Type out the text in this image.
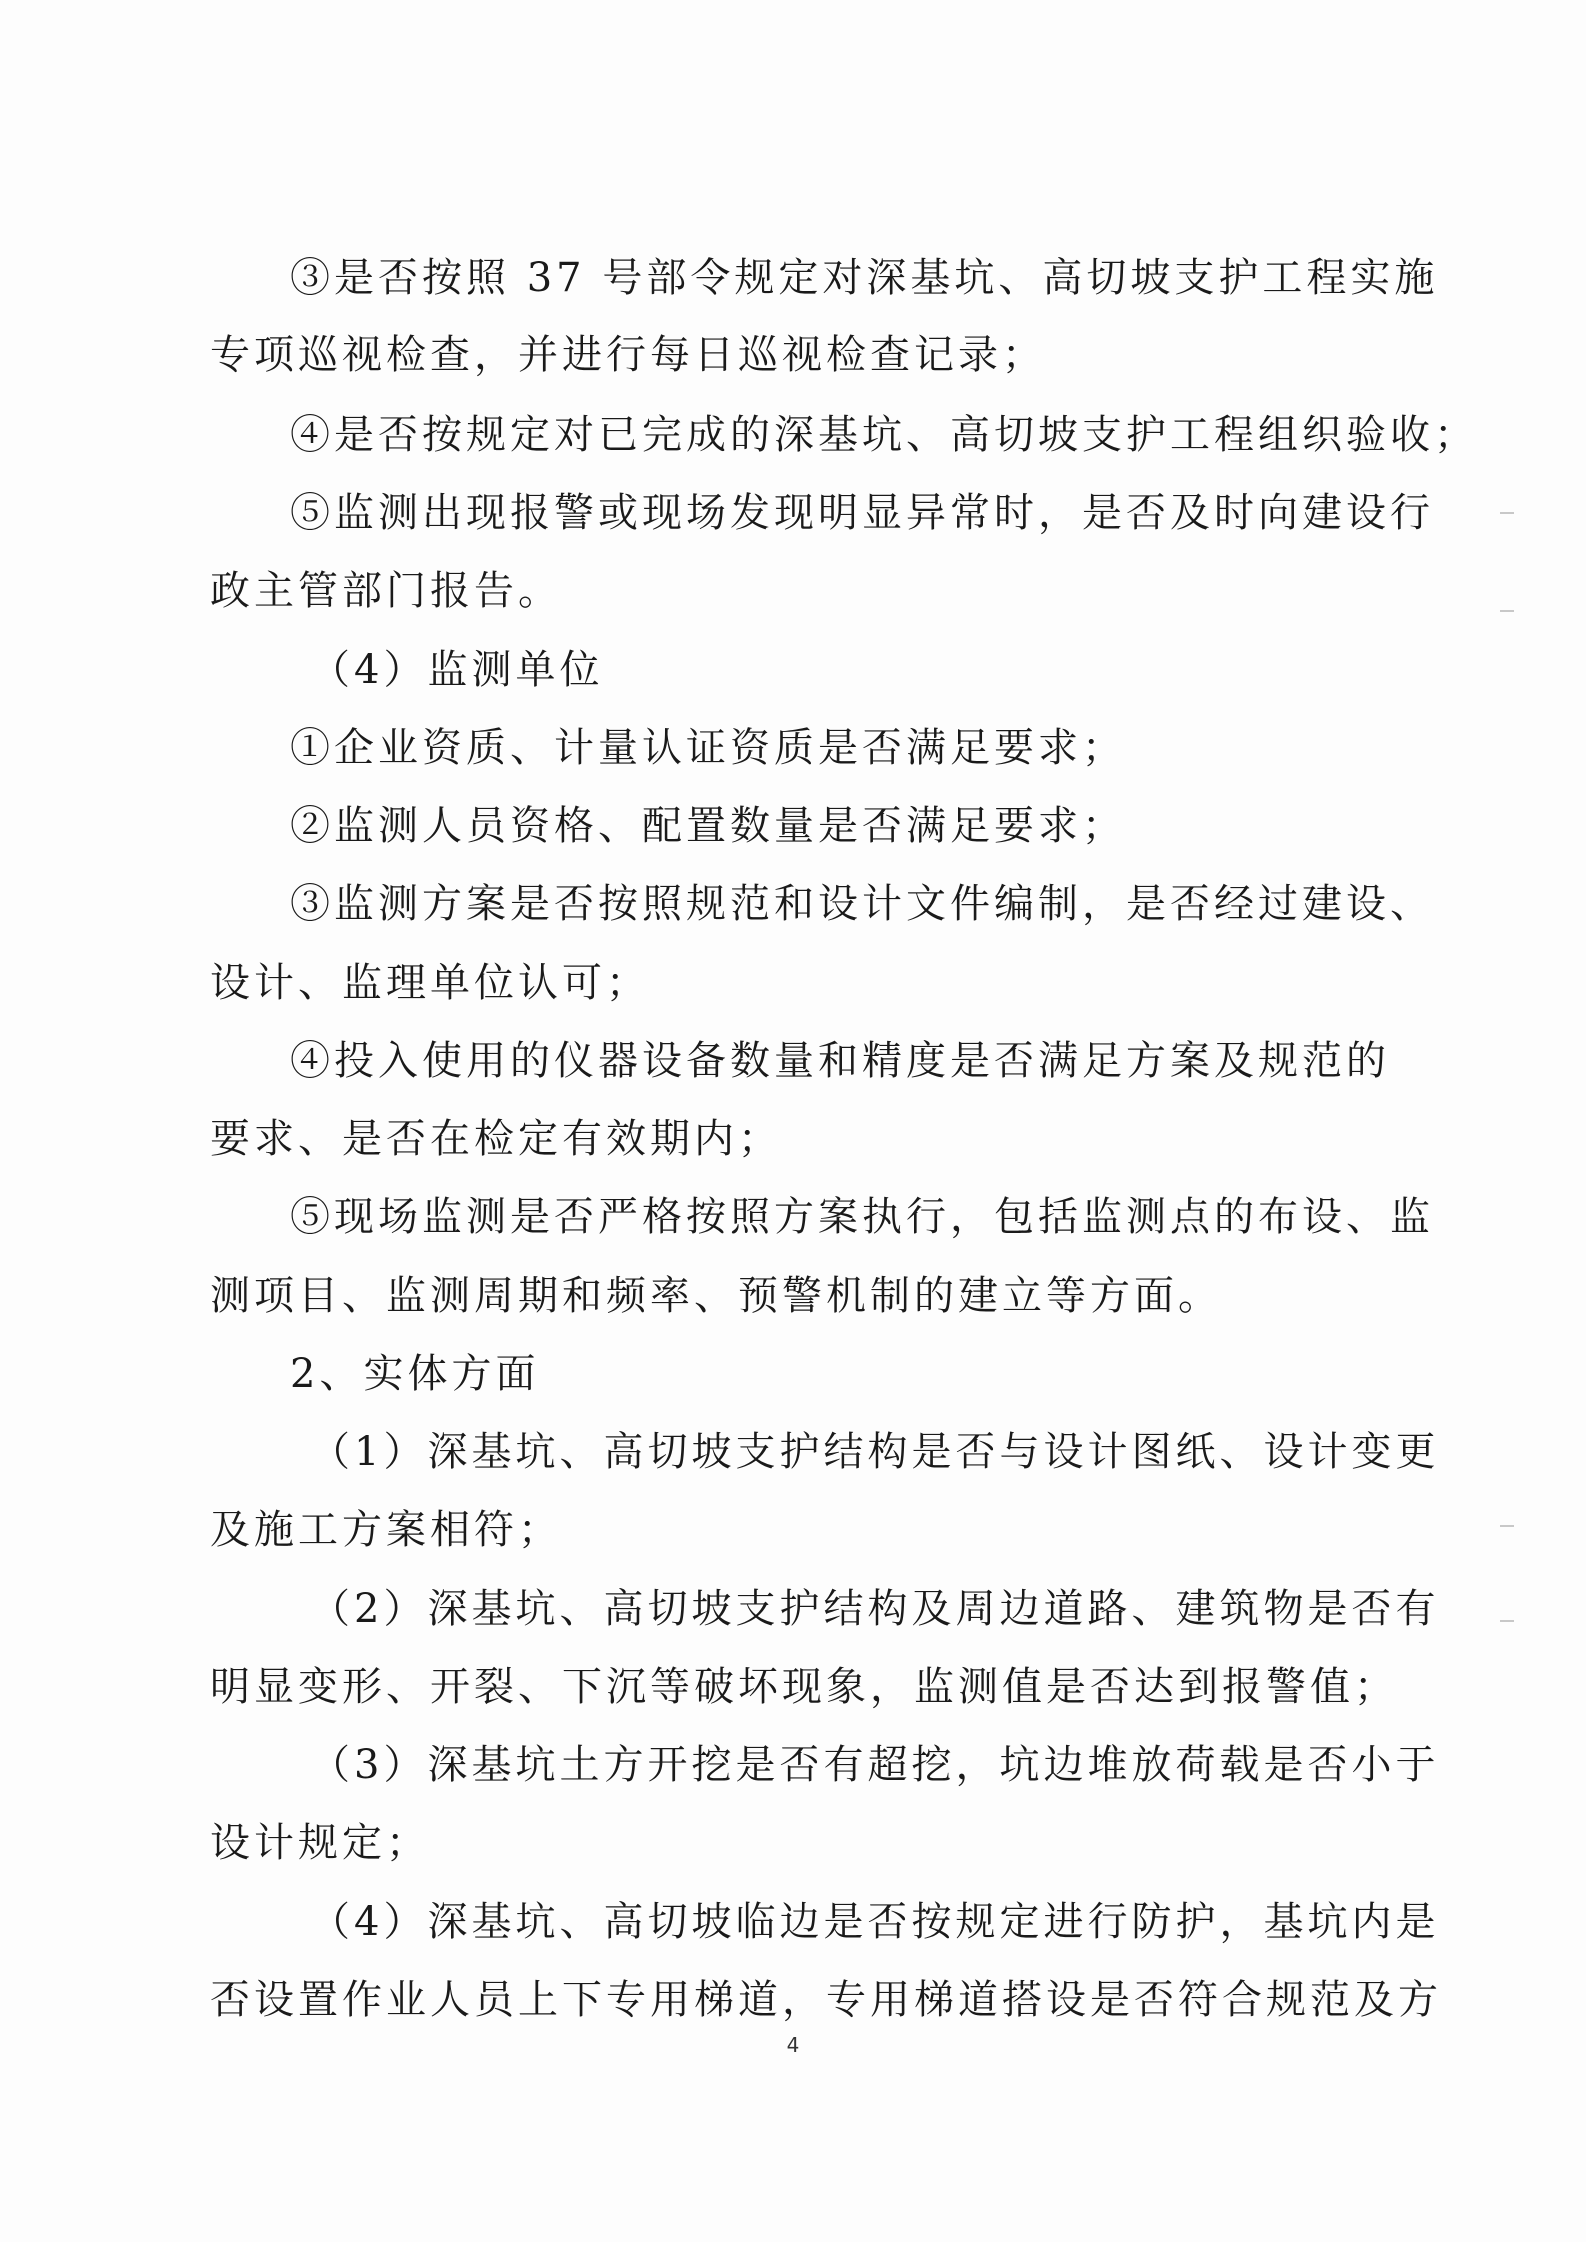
③是否按照 37 号部令规定对深基坑、高切坡支护工程实施
专项巡视检查，并进行每日巡视检查记录；
④是否按规定对已完成的深基坑、高切坡支护工程组织验收；
⑤监测出现报警或现场发现明显异常时，是否及时向建设行
政主管部门报告。
（4）监测单位
①企业资质、计量认证资质是否满足要求；
②监测人员资格、配置数量是否满足要求；
③监测方案是否按照规范和设计文件编制，是否经过建设、
设计、监理单位认可；
④投入使用的仪器设备数量和精度是否满足方案及规范的
要求、是否在检定有效期内；
⑤现场监测是否严格按照方案执行，包括监测点的布设、监
测项目、监测周期和频率、预警机制的建立等方面。
2、实体方面
（1）深基坑、高切坡支护结构是否与设计图纸、设计变更
及施工方案相符；
（2）深基坑、高切坡支护结构及周边道路、建筑物是否有
明显变形、开裂、下沉等破坏现象，监测值是否达到报警值；
（3）深基坑土方开挖是否有超挖，坑边堆放荷载是否小于
设计规定；
（4）深基坑、高切坡临边是否按规定进行防护，基坑内是
否设置作业人员上下专用梯道，专用梯道搭设是否符合规范及方
4
